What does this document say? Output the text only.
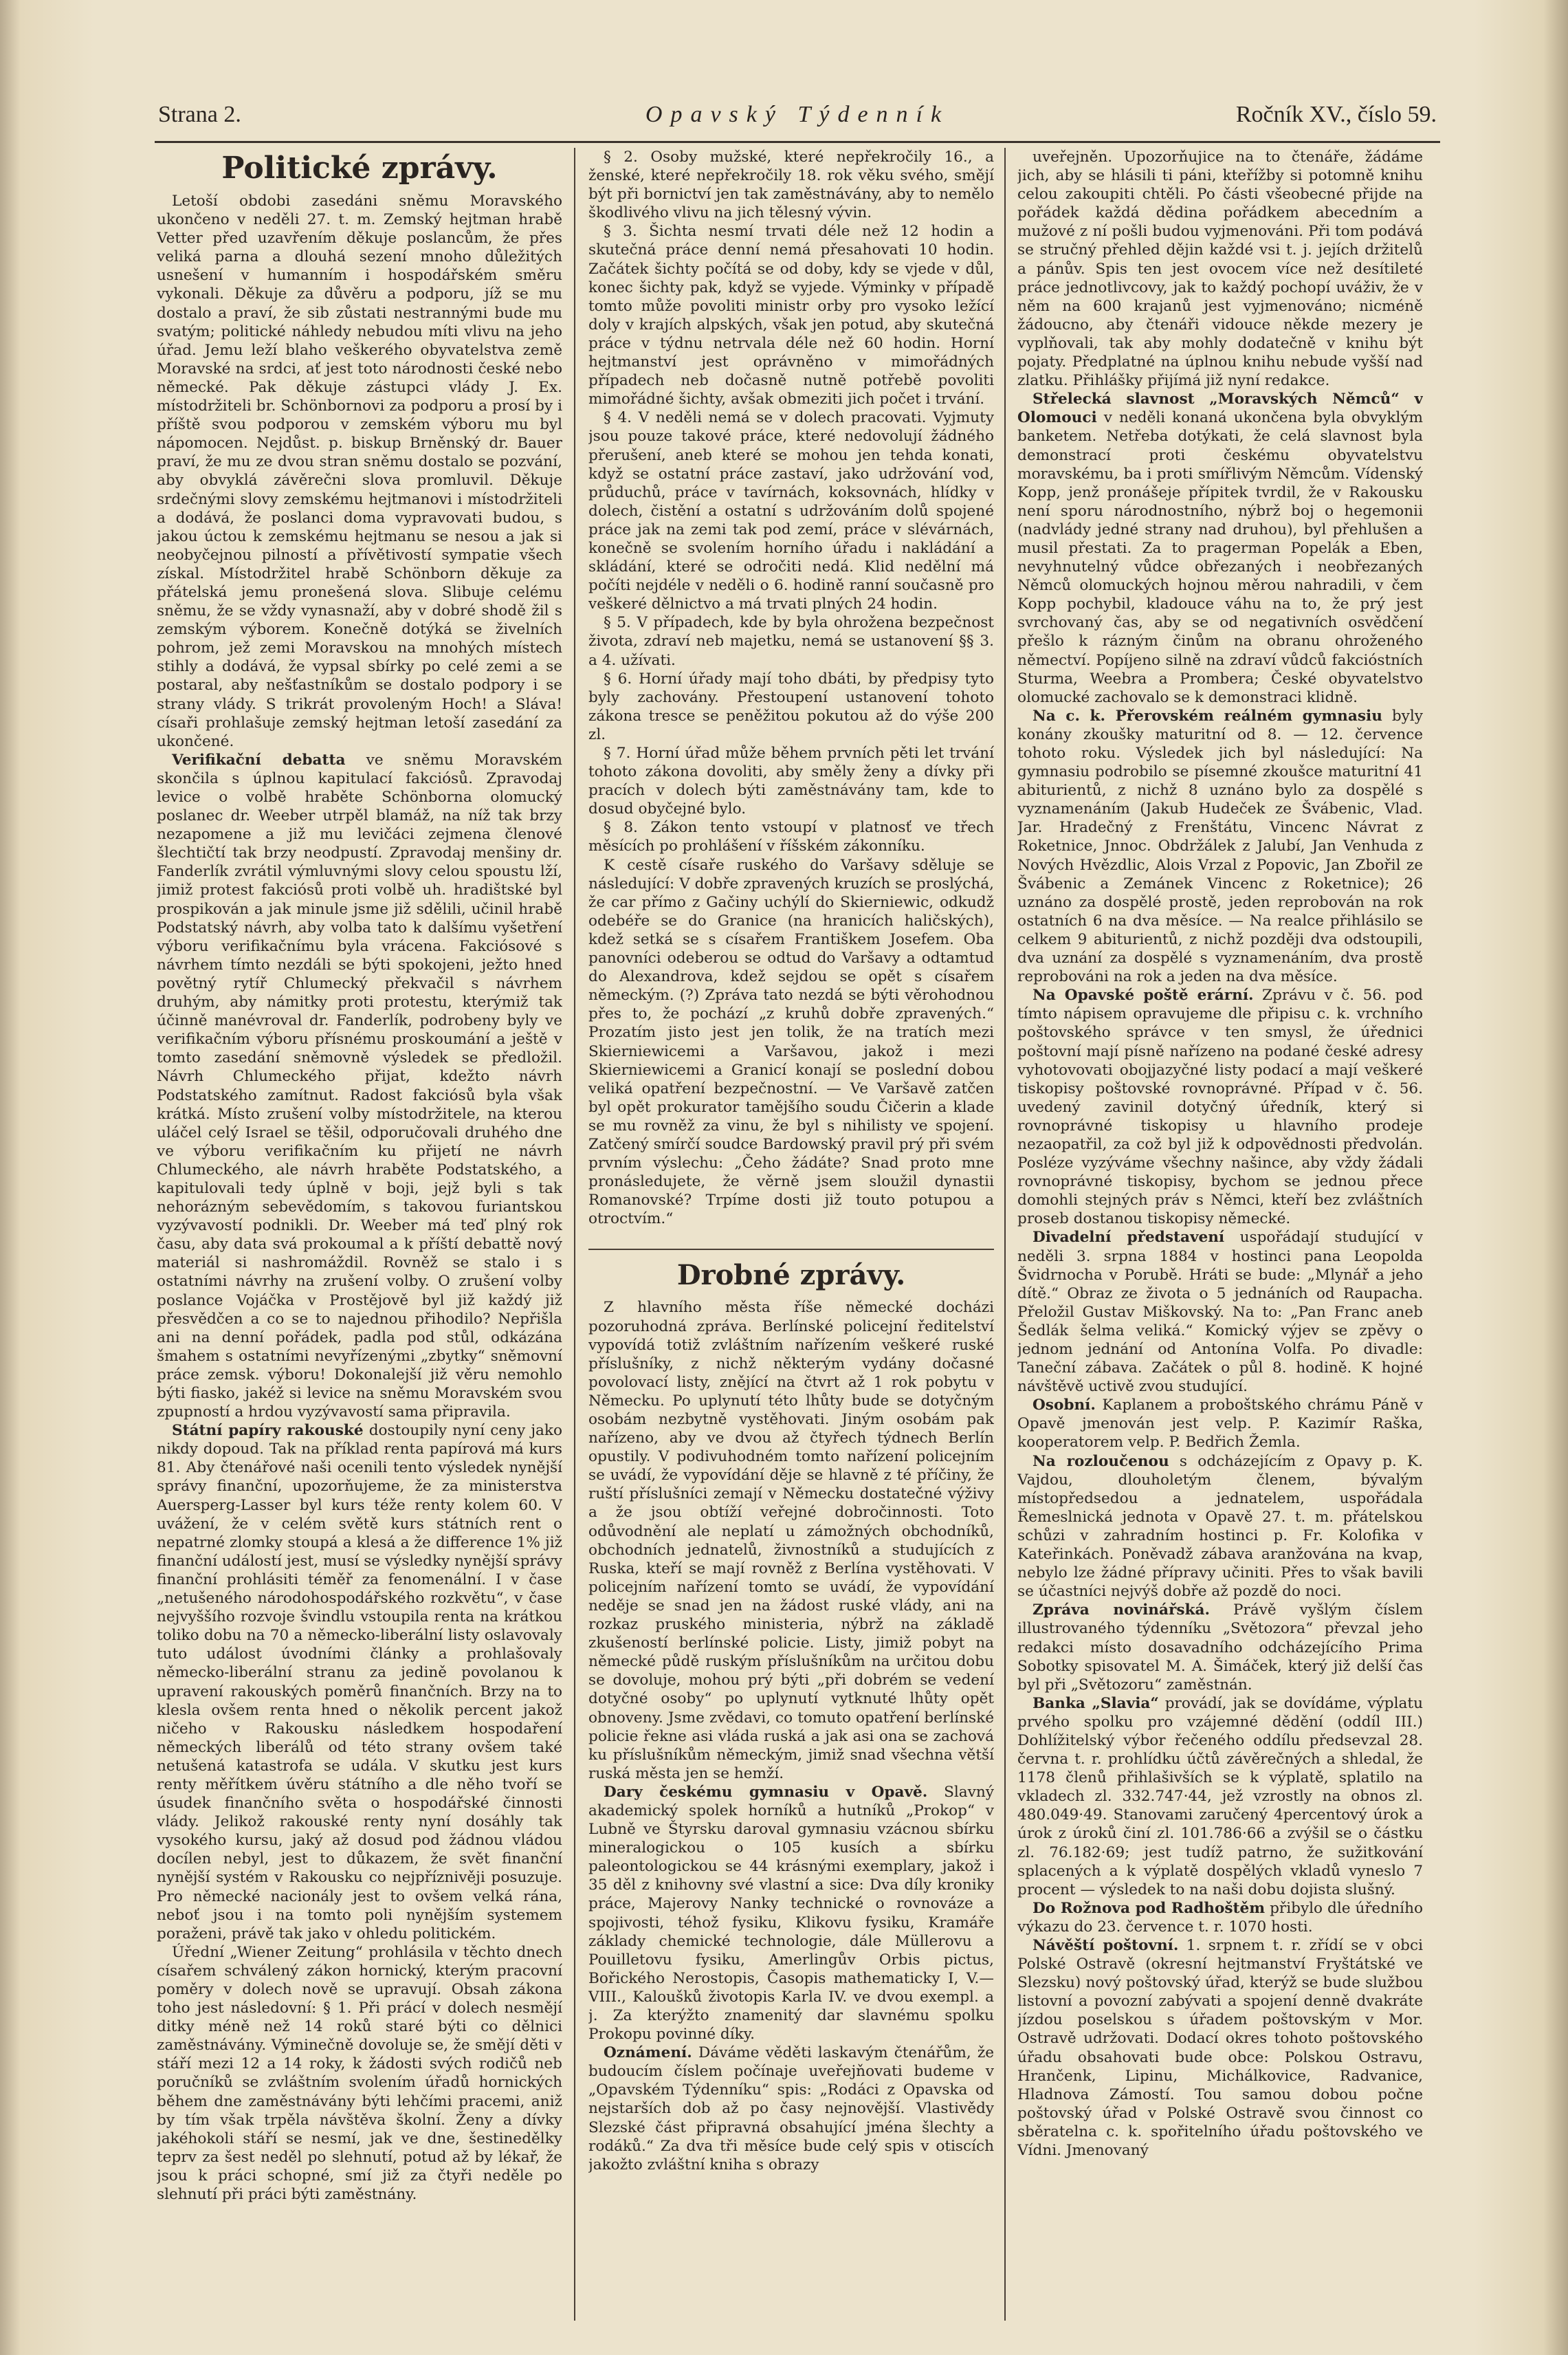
Strana 2.	Opavský Týdenník	Ročník XV., číslo 59.
Politické zprávy.

Letoší obdobi zasedáni sněmu Moravského ukončeno v neděli 27. t. m. Zemský hejtman hrabě Vetter před uzavřením děkuje poslancům, že přes veliká parna a dlouhá sezení mnoho důležitých usnešení v humanním i hospodářském směru vykonali. Děkuje za důvěru a podporu, jíž se mu dostalo a praví, že sib zůstati nestrannými bude mu svatým; politické náhledy nebudou míti vlivu na jeho úřad. Jemu leží blaho veškerého obyvatelstva země Moravské na srdci, ať jest toto národnosti české nebo německé. Pak děkuje zástupci vlády J. Ex. místodržiteli br. Schönbornovi za podporu a prosí by i příště svou podporou v zemském výboru mu byl nápomocen. Nejdůst. p. biskup Brněnský dr. Bauer praví, že mu ze dvou stran sněmu dostalo se pozvání, aby obvyklá závěrečni slova promluvil. Děkuje srdečnými slovy zemskému hejtmanovi i místodržiteli a dodává, že poslanci doma vypravovati budou, s jakou úctou k zemskému hejtmanu se nesou a jak si neobyčejnou pilností a přívětivostí sympatie všech získal. Místodržitel hrabě Schönborn děkuje za přátelská jemu pronešená slova. Slibuje celému sněmu, že se vždy vynasnaží, aby v dobré shodě žil s zemským výborem. Konečně dotýká se živelních pohrom, jež zemi Moravskou na mnohých místech stihly a dodává, že vypsal sbírky po celé zemi a se postaral, aby nešťastníkům se dostalo podpory i se strany vlády. S trikrát provoleným Hoch! a Sláva! císaři prohlašuje zemský hejtman letoší zasedání za ukončené.

Verifikační debatta ve sněmu Moravském skončila s úplnou kapitulací fakciósů. Zpravodaj levice o volbě hraběte Schönborna olomucký poslanec dr. Weeber utrpěl blamáž, na níž tak brzy nezapomene a již mu levičáci zejmena členové šlechtičtí tak brzy neodpustí. Zpravodaj menšiny dr. Fanderlík zvrátil výmluvnými slovy celou spoustu lží, jimiž protest fakciósů proti volbě uh. hradištské byl prospikován a jak minule jsme již sdělili, učinil hrabě Podstatský návrh, aby volba tato k dalšímu vyšetření výboru verifikačnímu byla vrácena. Fakciósové s návrhem tímto nezdáli se býti spokojeni, ježto hned povětný rytíř Chlumecký překvačil s návrhem druhým, aby námitky proti protestu, kterýmiž tak účinně manévroval dr. Fanderlík, podrobeny byly ve verifikačním výboru přísnému proskoumání a ještě v tomto zasedání sněmovně výsledek se předložil. Návrh Chlumeckého přijat, kdežto návrh Podstatského zamítnut. Radost fakciósů byla však krátká. Místo zrušení volby místodržitele, na kterou uláčel celý Israel se těšil, odporučovali druhého dne ve výboru verifikačním ku přijetí ne návrh Chlumeckého, ale návrh hraběte Podstatského, a kapitulovali tedy úplně v boji, jejž byli s tak nehorázným sebevědomím, s takovou furiantskou vyzývavostí podnikli. Dr. Weeber má teď plný rok času, aby data svá prokoumal a k příští debattě nový materiál si nashromáždil. Rovněž se stalo i s ostatními návrhy na zrušení volby. O zrušení volby poslance Vojáčka v Prostějově byl již každý již přesvědčen a co se to najednou přihodilo? Nepřišla ani na denní pořádek, padla pod stůl, odkázána šmahem s ostatními nevyřízenými „zbytky“ sněmovní práce zemsk. výboru! Dokonalejší již věru nemohlo býti fiasko, jakéž si levice na sněmu Moravském svou zpupností a hrdou vyzývavostí sama připravila.

Státní papíry rakouské dostoupily nyní ceny jako nikdy dopoud. Tak na příklad renta papírová má kurs 81. Aby čtenářové naši ocenili tento výsledek nynější správy finanční, upozorňujeme, že za ministerstva Auersperg-Lasser byl kurs téže renty kolem 60. V uvážení, že v celém světě kurs státních rent o nepatrné zlomky stoupá a klesá a že difference 1% již finanční událostí jest, musí se výsledky nynější správy finanční prohlásiti téměř za fenomenální. I v čase „netušeného národohospodářského rozkvětu“, v čase nejvyššího rozvoje švindlu vstoupila renta na krátkou toliko dobu na 70 a německo-liberální listy oslavovaly tuto událost úvodními články a prohlašovaly německo-liberální stranu za jedině povolanou k upravení rakouských poměrů finančních. Brzy na to klesla ovšem renta hned o několik percent jakož ničeho v Rakousku následkem hospodaření německých liberálů od této strany ovšem také netušená katastrofa se udála. V skutku jest kurs renty měřítkem úvěru státního a dle něho tvoří se úsudek finančního světa o hospodářské činnosti vlády. Jelikož rakouské renty nyní dosáhly tak vysokého kursu, jaký až dosud pod žádnou vládou docílen nebyl, jest to důkazem, že svět finanční nynější systém v Rakousku co nejpříznivěji posuzuje. Pro německé nacionály jest to ovšem velká rána, neboť jsou i na tomto poli nynějším systemem poraženi, právě tak jako v ohledu politickém.

Úřední „Wiener Zeitung“ prohlásila v těchto dnech císařem schválený zákon hornický, kterým pracovní poměry v dolech nově se upravují. Obsah zákona toho jest následovní: § 1. Při prácí v dolech nesmějí ditky méně než 14 roků staré býti co dělnici zaměstnávány. Výminečně dovoluje se, že smějí děti v stáří mezi 12 a 14 roky, k žádosti svých rodičů neb poručníků se zvláštním svolením úřadů hornických během dne zaměstnávány býti lehčími pracemi, aniž by tím však trpěla návštěva školní. Ženy a dívky jakéhokoli stáří se nesmí, jak ve dne, šestinedělky teprv za šest neděl po slehnutí, potud až by lékař, že jsou k práci schopné, smí již za čtyři neděle po slehnutí při práci býti zaměstnány.

§ 2. Osoby mužské, které nepřekročily 16., a ženské, které nepřekročily 18. rok věku svého, smějí být při bornictví jen tak zaměstnávány, aby to nemělo škodlivého vlivu na jich tělesný vývin.

§ 3. Šichta nesmí trvati déle než 12 hodin a skutečná práce denní nemá přesahovati 10 hodin. Začátek šichty počítá se od doby, kdy se vjede v důl, konec šichty pak, když se vyjede. Výminky v případě tomto může povoliti ministr orby pro vysoko ležící doly v krajích alpských, však jen potud, aby skutečná práce v týdnu netrvala déle než 60 hodin. Horní hejtmanství jest oprávněno v mimořádných případech neb dočasně nutně potřebě povoliti mimořádné šichty, avšak obmeziti jich počet i trvání.

§ 4. V neděli nemá se v dolech pracovati. Vyjmuty jsou pouze takové práce, které nedovolují žádného přerušení, aneb které se mohou jen tehda konati, když se ostatní práce zastaví, jako udržování vod, průduchů, práce v tavírnách, koksovnách, hlídky v dolech, čistění a ostatní s udržováním dolů spojené práce jak na zemi tak pod zemí, práce v slévárnách, konečně se svolením horního úřadu i nakládání a skládání, které se odročiti nedá. Klid nedělní má počíti nejdéle v neděli o 6. hodině ranní současně pro veškeré dělnictvo a má trvati plných 24 hodin.

§ 5. V případech, kde by byla ohrožena bezpečnost života, zdraví neb majetku, nemá se ustanovení §§ 3. a 4. užívati.

§ 6. Horní úřady mají toho dbáti, by předpisy tyto byly zachovány. Přestoupení ustanovení tohoto zákona tresce se peněžitou pokutou až do výše 200 zl.

§ 7. Horní úřad může během prvních pěti let trvání tohoto zákona dovoliti, aby směly ženy a dívky při pracích v dolech býti zaměstnávány tam, kde to dosud obyčejné bylo.

§ 8. Zákon tento vstoupí v platnosť ve třech měsících po prohlášení v říšském zákonníku.

K cestě císaře ruského do Varšavy sděluje se následující: V dobře zpravených kruzích se proslýchá, že car přímo z Gačiny uchýlí do Skierniewic, odkudž odebéře se do Granice (na hranicích haličských), kdež setká se s císařem Františkem Josefem. Oba panovníci odeberou se odtud do Varšavy a odtamtud do Alexandrova, kdež sejdou se opět s císařem německým. (?) Zpráva tato nezdá se býti věrohodnou přes to, že pochází „z kruhů dobře zpravených.“ Prozatím jisto jest jen tolik, že na tratích mezi Skierniewicemi a Varšavou, jakož i mezi Skierniewicemi a Granicí konají se poslední dobou veliká opatření bezpečnostní. — Ve Varšavě zatčen byl opět prokurator tamějšího soudu Čičerin a klade se mu rovněž za vinu, že byl s nihilisty ve spojení. Zatčený smírčí soudce Bardowský pravil prý při svém prvním výslechu: „Čeho žádáte? Snad proto mne pronásledujete, že věrně jsem sloužil dynastii Romanovské? Trpíme dosti již touto potupou a otroctvím.“

Drobné zprávy.

Z hlavního města říše německé docházi pozoruhodná zpráva. Berlínské policejní ředitelství vypovídá totiž zvláštním nařízením veškeré ruské příslušníky, z nichž některým vydány dočasné povolovací listy, znějící na čtvrt až 1 rok pobytu v Německu. Po uplynutí této lhůty bude se dotyčným osobám nezbytně vystěhovati. Jiným osobám pak nařízeno, aby ve dvou až čtyřech týdnech Berlín opustily. V podivuhodném tomto nařízení policejním se uvádí, že vypovídání děje se hlavně z té příčiny, že ruští příslušníci zemají v Německu dostatečné výživy a že jsou obtíží veřejné dobročinnosti. Toto odůvodnění ale neplatí u zámožných obchodníků, obchodních jednatelů, živnostníků a studujících z Ruska, kteří se mají rovněž z Berlína vystěhovati. V policejním nařízení tomto se uvádí, že vypovídání neděje se snad jen na žádost ruské vlády, ani na rozkaz pruského ministeria, nýbrž na základě zkušeností berlínské policie. Listy, jimiž pobyt na německé půdě ruským příslušníkům na určitou dobu se dovoluje, mohou prý býti „při dobrém se vedení dotyčné osoby“ po uplynutí vytknuté lhůty opět obnoveny. Jsme zvědavi, co tomuto opatření berlínské policie řekne asi vláda ruská a jak asi ona se zachová ku příslušníkům německým, jimiž snad všechna větší ruská města jen se hemží.

Dary českému gymnasiu v Opavě. Slavný akademický spolek horníků a hutníků „Prokop“ v Lubně ve Štyrsku daroval gymnasiu vzácnou sbírku mineralogickou o 105 kusích a sbírku paleontologickou se 44 krásnými exemplary, jakož i 35 děl z knihovny své vlastní a sice: Dva díly kroniky práce, Majerovy Nanky technické o rovnováze a spojivosti, téhož fysiku, Klikovu fysiku, Kramáře základy chemické technologie, dále Müllerovu a Pouilletovu fysiku, Amerlingův Orbis pictus, Bořického Nerostopis, Časopis mathematicky I, V.—VIII., Kaloušků životopis Karla IV. ve dvou exempl. a j. Za kterýžto znamenitý dar slavnému spolku Prokopu povinné díky.

Oznámení. Dáváme věděti laskavým čtenářům, že budoucím číslem počínaje uveřejňovati budeme v „Opavském Týdenníku“ spis: „Rodáci z Opavska od nejstarších dob až po časy nejnovější. Vlastivědy Slezské část připravná obsahující jména šlechty a rodáků.“ Za dva tři měsíce bude celý spis v otiscích jakožto zvláštní kniha s obrazy

uveřejněn. Upozorňujice na to čtenáře, žádáme jich, aby se hlásili ti páni, kteřížby si potomně knihu celou zakoupiti chtěli. Po části všeobecné přijde na pořádek každá dědina pořádkem abecedním a mužové z ní pošli budou vyjmenováni. Při tom podává se stručný přehled dějin každé vsi t. j. jejích držitelů a pánův. Spis ten jest ovocem více než desítileté práce jednotlivcovy, jak to každý pochopí uváživ, že v něm na 600 krajanů jest vyjmenováno; nicméně žádoucno, aby čtenáři vidouce někde mezery je vyplňovali, tak aby mohly dodatečně v knihu být pojaty. Předplatné na úplnou knihu nebude vyšší nad zlatku. Přihlášky přijímá již nyní redakce.

Střelecká slavnost „Moravských Němců“ v Olomouci v neděli konaná ukončena byla obvyklým banketem. Netřeba dotýkati, že celá slavnost byla demonstrací proti českému obyvatelstvu moravskému, ba i proti smířlivým Němcům. Vídenský Kopp, jenž pronášeje přípitek tvrdil, že v Rakousku není sporu národnostního, nýbrž boj o hegemonii (nadvlády jedné strany nad druhou), byl přehlušen a musil přestati. Za to pragerman Popelák a Eben, nevyhnutelný vůdce obřezaných i neobřezaných Němců olomuckých hojnou měrou nahradili, v čem Kopp pochybil, kladouce váhu na to, že prý jest svrchovaný čas, aby se od negativních osvědčení přešlo k rázným činům na obranu ohroženého němectví. Popíjeno silně na zdraví vůdců fakcióstních Sturma, Weebra a Prombera; České obyvatelstvo olomucké zachovalo se k demonstraci klidně.

Na c. k. Přerovském reálném gymnasiu byly konány zkoušky maturitní od 8. — 12. července tohoto roku. Výsledek jich byl následující: Na gymnasiu podrobilo se písemné zkoušce maturitní 41 abiturientů, z nichž 8 uznáno bylo za dospělé s vyznamenáním (Jakub Hudeček ze Švábenic, Vlad. Jar. Hradečný z Frenštátu, Vincenc Návrat z Roketnice, Jnnoc. Obdržálek z Jalubí, Jan Venhuda z Nových Hvězdlic, Alois Vrzal z Popovic, Jan Zbořil ze Švábenic a Zemánek Vincenc z Roketnice); 26 uznáno za dospělé prostě, jeden reprobován na rok ostatních 6 na dva měsíce. — Na realce přihlásilo se celkem 9 abiturientů, z nichž později dva odstoupili, dva uznání za dospělé s vyznamenáním, dva prostě reprobováni na rok a jeden na dva měsíce.

Na Opavské poště erární. Zprávu v č. 56. pod tímto nápisem opravujeme dle připisu c. k. vrchního poštovského správce v ten smysl, že úřednici poštovní mají písně nařízeno na podané české adresy vyhotovovati obojjazyčné listy podací a mají veškeré tiskopisy poštovské rovnoprávné. Případ v č. 56. uvedený zavinil dotyčný úředník, který si rovnoprávné tiskopisy u hlavního prodeje nezaopatřil, za což byl již k odpovědnosti předvolán. Posléze vyzýváme všechny našince, aby vždy žádali rovnoprávné tiskopisy, bychom se jednou přece domohli stejných práv s Němci, kteří bez zvláštních proseb dostanou tiskopisy německé.

Divadelní představení uspořádají studující v neděli 3. srpna 1884 v hostinci pana Leopolda Švidrnocha v Porubě. Hráti se bude: „Mlynář a jeho dítě.“ Obraz ze života o 5 jednáních od Raupacha. Přeložil Gustav Miškovský. Na to: „Pan Franc aneb Šedlák šelma veliká.“ Komický výjev se zpěvy o jednom jednání od Antonína Volfa. Po divadle: Taneční zábava. Začátek o půl 8. hodině. K hojné návštěvě uctivě zvou studující.

Osobní. Kaplanem a proboštského chrámu Páně v Opavě jmenován jest velp. P. Kazimír Raška, kooperatorem velp. P. Bedřich Žemla.

Na rozloučenou s odcházejícím z Opavy p. K. Vajdou, dlouholetým členem, bývalým místopředsedou a jednatelem, uspořádala Řemeslnická jednota v Opavě 27. t. m. přátelskou schůzi v zahradním hostinci p. Fr. Kolofika v Kateřinkách. Poněvadž zábava aranžována na kvap, nebylo lze žádné přípravy učiniti. Přes to však bavili se účastníci nejvýš dobře až pozdě do noci.

Zpráva novinářská. Právě vyšlým číslem illustrovaného týdenníku „Světozora“ převzal jeho redakci místo dosavadního odcházejícího Prima Sobotky spisovatel M. A. Šimáček, který již delší čas byl při „Světozoru“ zaměstnán.

Banka „Slavia“ provádí, jak se dovídáme, výplatu prvého spolku pro vzájemné dědění (oddíl III.) Dohlížitelský výbor řečeného oddílu předsevzal 28. června t. r. prohlídku účtů závěrečných a shledal, že 1178 členů přihlašivších se k výplatě, splatilo na vkladech zl. 332.747·44, jež vzrostly na obnos zl. 480.049·49. Stanovami zaručený 4percentový úrok a úrok z úroků činí zl. 101.786·66 a zvýšil se o částku zl. 76.182·69; jest tudíž patrno, že sužitkování splacených a k výplatě dospělých vkladů vyneslo 7 procent — výsledek to na naši dobu dojista slušný.

Do Rožnova pod Radhoštěm přibylo dle úředního výkazu do 23. července t. r. 1070 hosti.

Návěští poštovní. 1. srpnem t. r. zřídí se v obci Polské Ostravě (okresní hejtmanství Fryštátské ve Slezsku) nový poštovský úřad, kterýž se bude službou listovní a povozní zabývati a spojení denně dvakráte jízdou poselskou s úřadem poštovským v Mor. Ostravě udržovati. Dodací okres tohoto poštovského úřadu obsahovati bude obce: Polskou Ostravu, Hrančenk, Lipinu, Michálkovice, Radvanice, Hladnova Zámostí. Tou samou dobou počne poštovský úřad v Polské Ostravě svou činnost co sběratelna c. k. spořitelního úřadu poštovského ve Vídni. Jmenovaný
